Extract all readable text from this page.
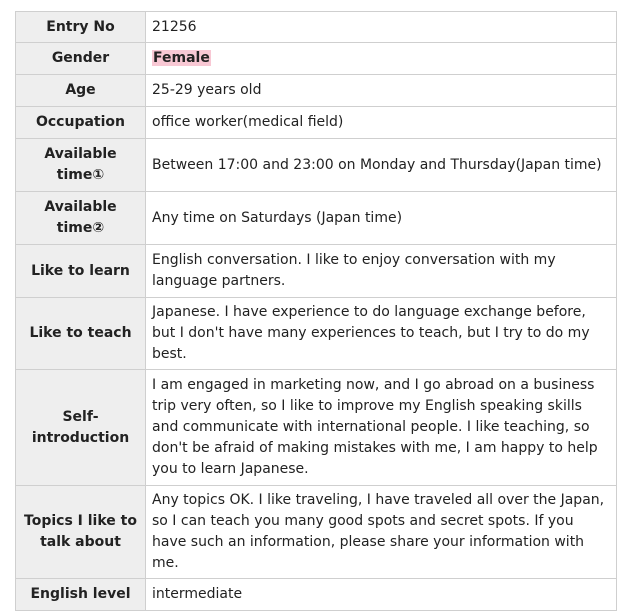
Entry No	21256
Gender	Female
Age	25-29 years old
Occupation	office worker(medical field)
Available time①	Between 17:00 and 23:00 on Monday and Thursday(Japan time)
Available time②	Any time on Saturdays (Japan time)
Like to learn	English conversation. I like to enjoy conversation with my language partners.
Like to teach	Japanese. I have experience to do language exchange before, but I don't have many experiences to teach, but I try to do my best.
Self-introduction	I am engaged in marketing now, and I go abroad on a business trip very often, so I like to improve my English speaking skills and communicate with international people. I like teaching, so don't be afraid of making mistakes with me, I am happy to help you to learn Japanese.
Topics I like to talk about	Any topics OK. I like traveling, I have traveled all over the Japan, so I can teach you many good spots and secret spots. If you have such an information, please share your information with me.
English level	intermediate
